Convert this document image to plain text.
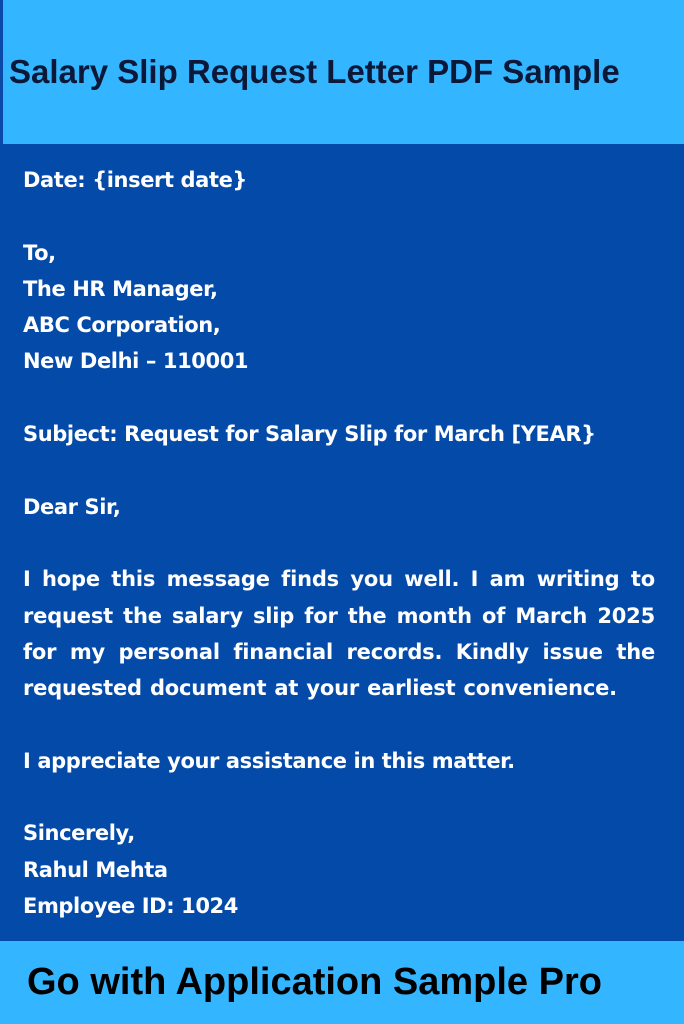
Salary Slip Request Letter PDF Sample
Date: {insert date}
To,
The HR Manager,
ABC Corporation,
New Delhi – 110001
Subject: Request for Salary Slip for March [YEAR}
Dear Sir,
I hope this message finds you well. I am writing to request the salary slip for the month of March 2025 for my personal financial records. Kindly issue the requested document at your earliest convenience.
I appreciate your assistance in this matter.
Sincerely,
Rahul Mehta
Employee ID: 1024

Go with Application Sample Pro
